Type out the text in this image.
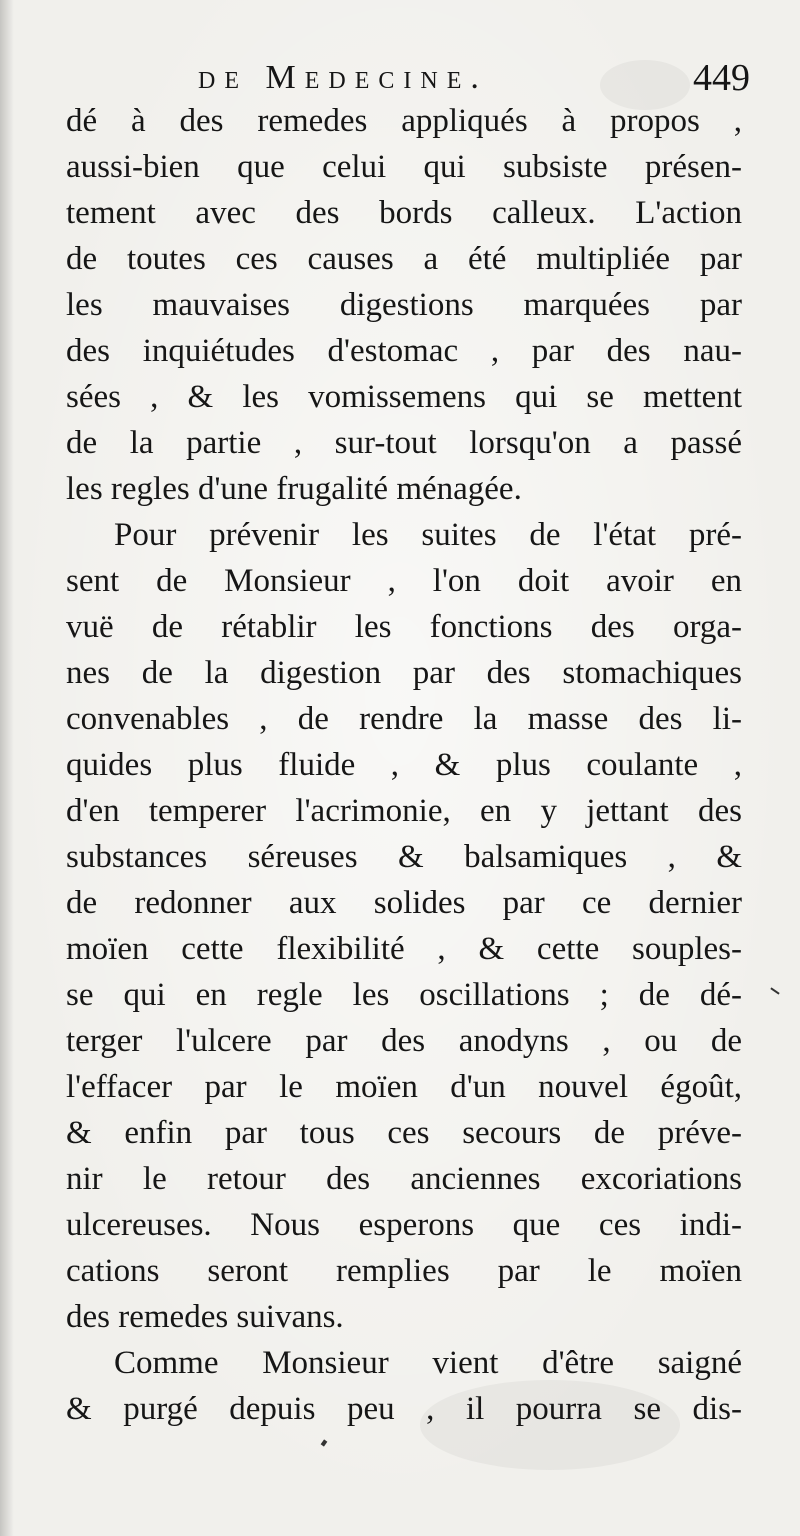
de Medecine.	449
dé à des remedes appliqués à propos ,
aussi-bien que celui qui subsiste présen-
tement avec des bords calleux. L'action
de toutes ces causes a été multipliée par
les mauvaises digestions marquées par
des inquiétudes d'estomac , par des nau-
sées , & les vomissemens qui se mettent
de la partie , sur-tout lorsqu'on a passé
les regles d'une frugalité ménagée.
Pour prévenir les suites de l'état pré-
sent de Monsieur , l'on doit avoir en
vuë de rétablir les fonctions des orga-
nes de la digestion par des stomachiques
convenables , de rendre la masse des li-
quides plus fluide , & plus coulante ,
d'en temperer l'acrimonie, en y jettant des
substances séreuses & balsamiques , &
de redonner aux solides par ce dernier
moïen cette flexibilité , & cette souples-
se qui en regle les oscillations ; de dé-
terger l'ulcere par des anodyns , ou de
l'effacer par le moïen d'un nouvel égoût,
& enfin par tous ces secours de préve-
nir le retour des anciennes excoriations
ulcereuses. Nous esperons que ces indi-
cations seront remplies par le moïen
des remedes suivans.
Comme Monsieur vient d'être saigné
& purgé depuis peu , il pourra se dis-
